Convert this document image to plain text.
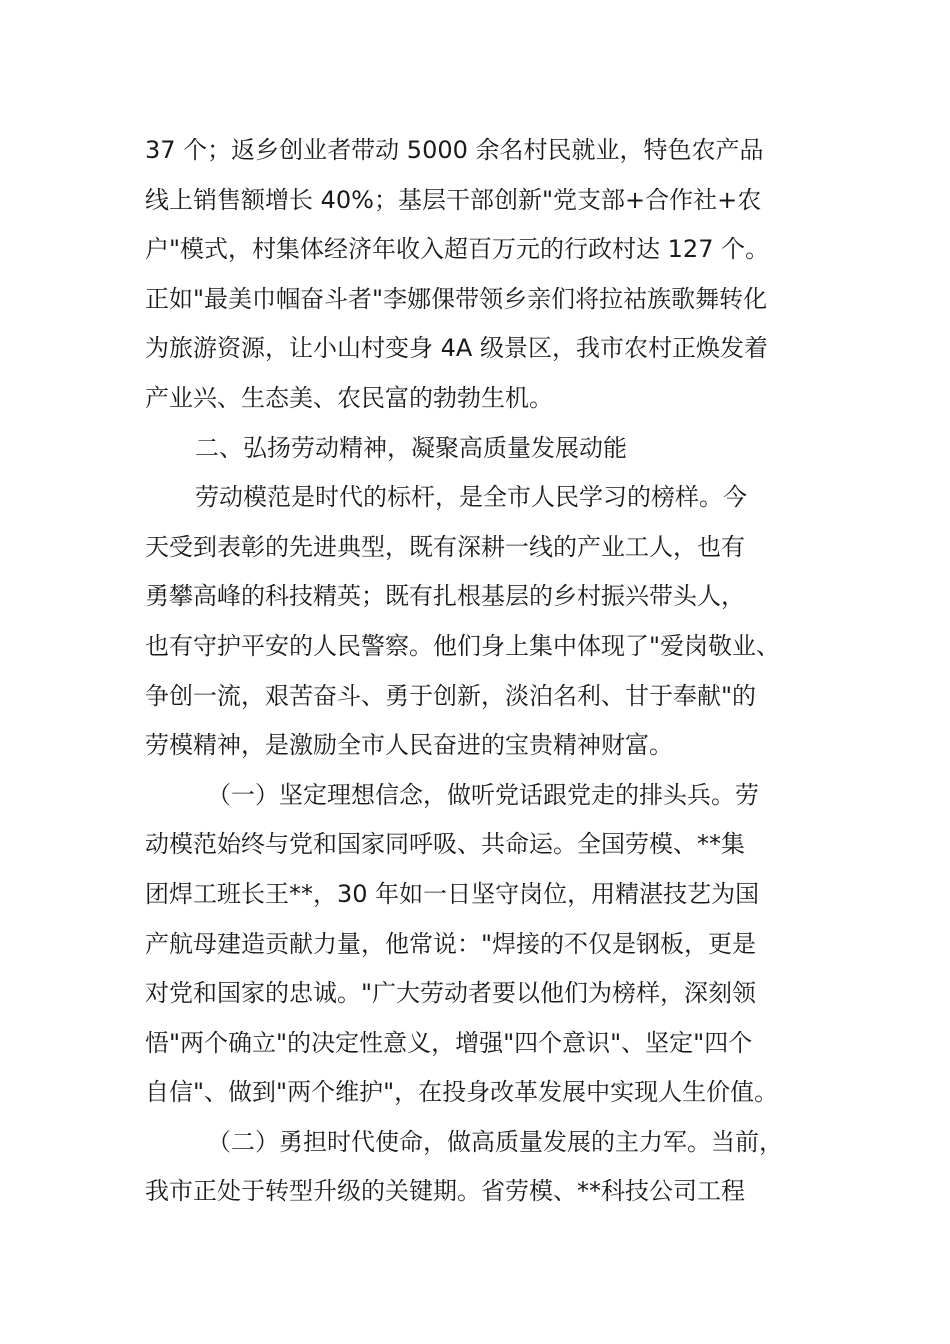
37 个；返乡创业者带动 5000 余名村民就业，特色农产品
线上销售额增长 40%；基层干部创新"党支部+合作社+农
户"模式，村集体经济年收入超百万元的行政村达 127 个。
正如"最美巾帼奋斗者"李娜倮带领乡亲们将拉祜族歌舞转化
为旅游资源，让小山村变身 4A 级景区，我市农村正焕发着
产业兴、生态美、农民富的勃勃生机。
二、弘扬劳动精神，凝聚高质量发展动能
劳动模范是时代的标杆，是全市人民学习的榜样。今
天受到表彰的先进典型，既有深耕一线的产业工人，也有
勇攀高峰的科技精英；既有扎根基层的乡村振兴带头人，
也有守护平安的人民警察。他们身上集中体现了"爱岗敬业、
争创一流，艰苦奋斗、勇于创新，淡泊名利、甘于奉献"的
劳模精神，是激励全市人民奋进的宝贵精神财富。
（一）坚定理想信念，做听党话跟党走的排头兵。劳
动模范始终与党和国家同呼吸、共命运。全国劳模、**集
团焊工班长王**，30 年如一日坚守岗位，用精湛技艺为国
产航母建造贡献力量，他常说："焊接的不仅是钢板，更是
对党和国家的忠诚。"广大劳动者要以他们为榜样，深刻领
悟"两个确立"的决定性意义，增强"四个意识"、坚定"四个
自信"、做到"两个维护"，在投身改革发展中实现人生价值。
（二）勇担时代使命，做高质量发展的主力军。当前，
我市正处于转型升级的关键期。省劳模、**科技公司工程
